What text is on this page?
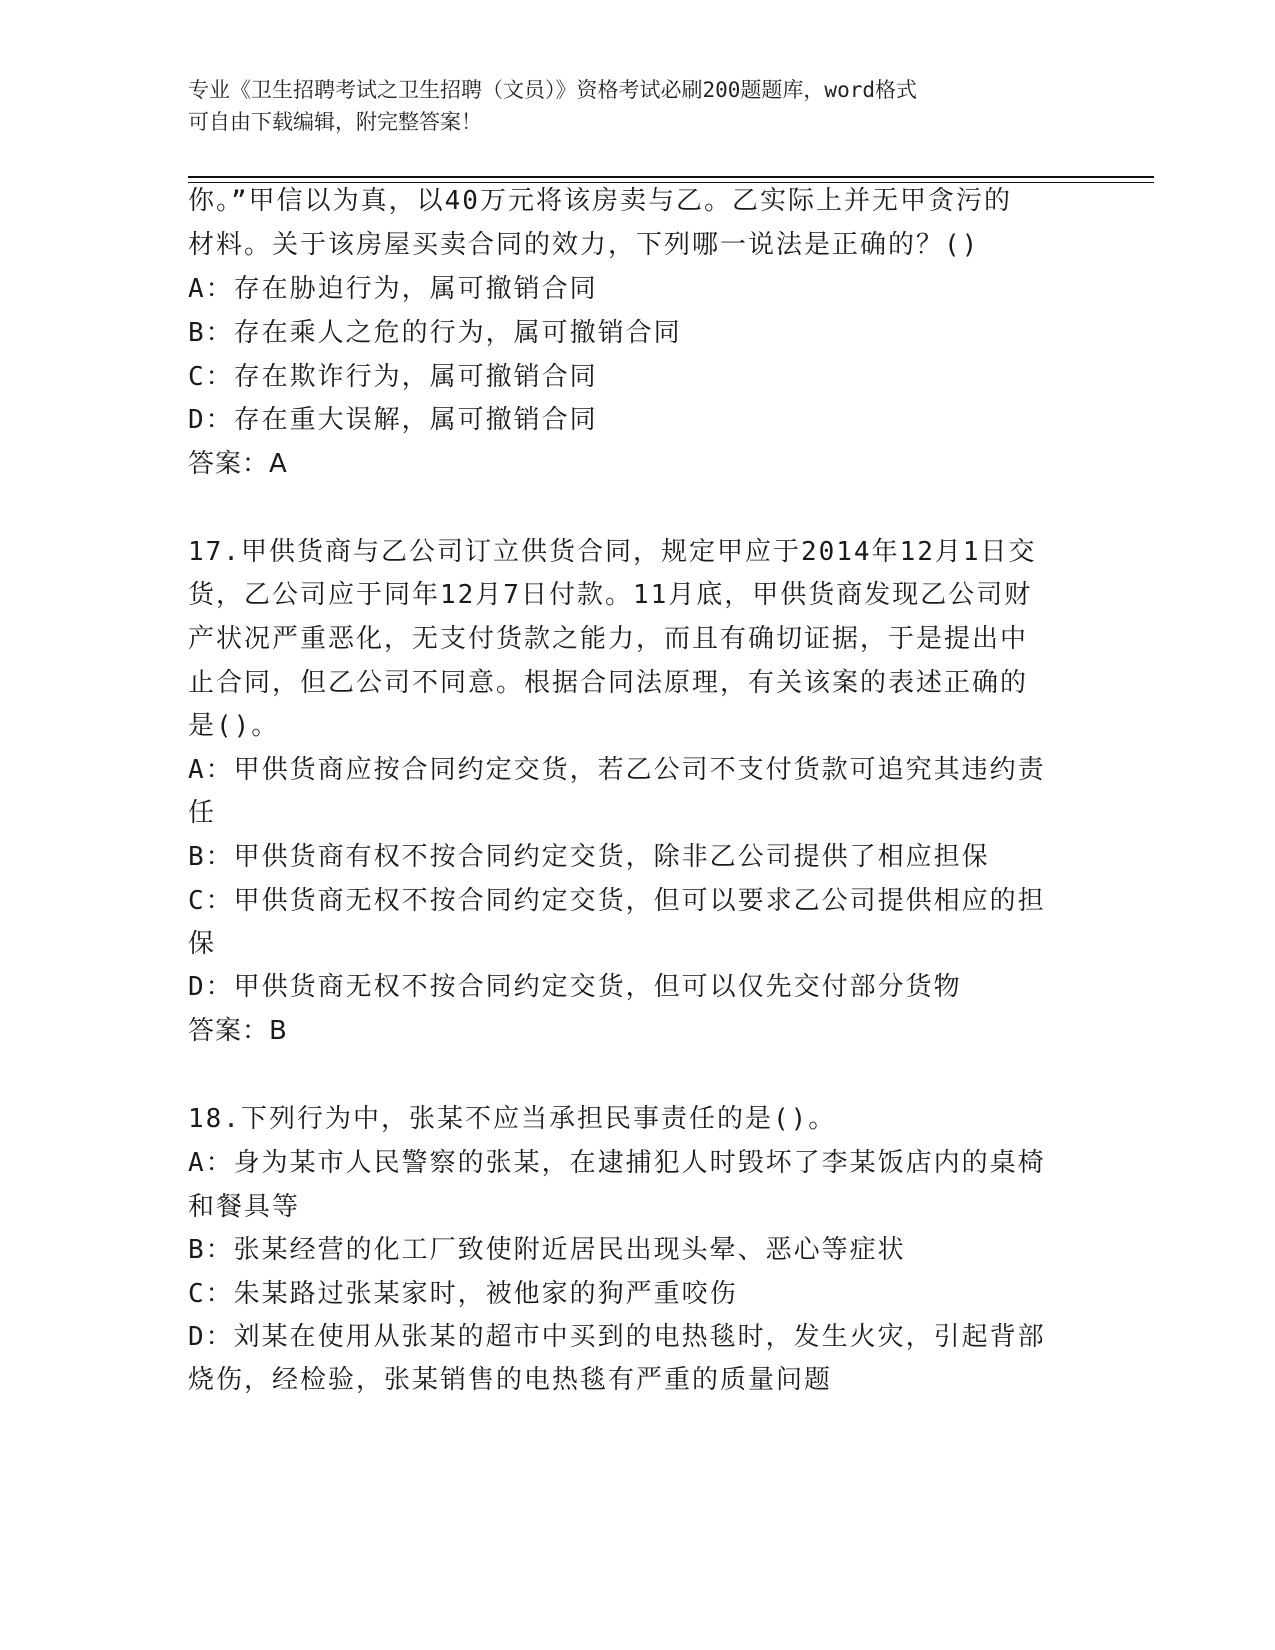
专业《卫生招聘考试之卫生招聘（文员）》资格考试必刷200题题库，word格式
可自由下载编辑，附完整答案！
你。”甲信以为真，以40万元将该房卖与乙。乙实际上并无甲贪污的
材料。关于该房屋买卖合同的效力，下列哪一说法是正确的？()
A：存在胁迫行为，属可撤销合同
B：存在乘人之危的行为，属可撤销合同
C：存在欺诈行为，属可撤销合同
D：存在重大误解，属可撤销合同
答案：A
17.甲供货商与乙公司订立供货合同，规定甲应于2014年12月1日交
货，乙公司应于同年12月7日付款。11月底，甲供货商发现乙公司财
产状况严重恶化，无支付货款之能力，而且有确切证据，于是提出中
止合同，但乙公司不同意。根据合同法原理，有关该案的表述正确的
是()。
A：甲供货商应按合同约定交货，若乙公司不支付货款可追究其违约责
任
B：甲供货商有权不按合同约定交货，除非乙公司提供了相应担保
C：甲供货商无权不按合同约定交货，但可以要求乙公司提供相应的担
保
D：甲供货商无权不按合同约定交货，但可以仅先交付部分货物
答案：B
18.下列行为中，张某不应当承担民事责任的是()。
A：身为某市人民警察的张某，在逮捕犯人时毁坏了李某饭店内的桌椅
和餐具等
B：张某经营的化工厂致使附近居民出现头晕、恶心等症状
C：朱某路过张某家时，被他家的狗严重咬伤
D：刘某在使用从张某的超市中买到的电热毯时，发生火灾，引起背部
烧伤，经检验，张某销售的电热毯有严重的质量问题
